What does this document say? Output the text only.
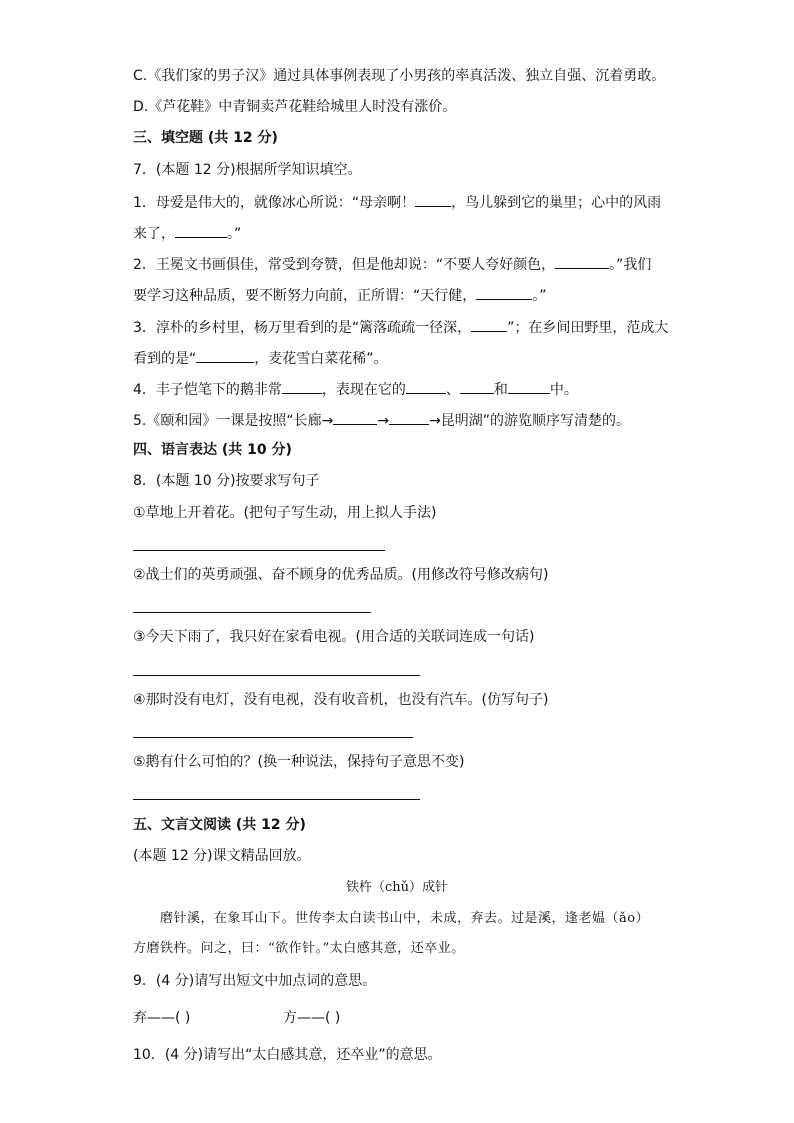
C.《我们家的男子汉》通过具体事例表现了小男孩的率真活泼、独立自强、沉着勇敢。
D.《芦花鞋》中青铜卖芦花鞋给城里人时没有涨价。
三、填空题 (共 12 分)
7．(本题 12 分)根据所学知识填空。
1．母爱是伟大的，就像冰心所说：“母亲啊！	，鸟儿躲到它的巢里；心中的风雨
来了，	。”
2．王冕文书画俱佳，常受到夸赞，但是他却说：“不要人夸好颜色，	。”我们
要学习这种品质，要不断努力向前，正所谓：“天行健，	。”
3．淳朴的乡村里，杨万里看到的是“篱落疏疏一径深，	”；在乡间田野里，范成大
看到的是“	，麦花雪白菜花稀”。
4．丰子恺笔下的鹅非常	，表现在它的	、 和	中。
5.《颐和园》一课是按照“长廊→	→	→昆明湖”的游览顺序写清楚的。
四、语言表达 (共 10 分)
8．(本题 10 分)按要求写句子
①草地上开着花。(把句子写生动，用上拟人手法)
②战士们的英勇顽强、奋不顾身的优秀品质。(用修改符号修改病句)
③今天下雨了，我只好在家看电视。(用合适的关联词连成一句话)
④那时没有电灯，没有电视，没有收音机，也没有汽车。(仿写句子)
⑤鹅有什么可怕的？(换一种说法，保持句子意思不变)
五、文言文阅读 (共 12 分)
(本题 12 分)课文精品回放。
铁杵（chǔ）成针
磨针溪，在象耳山下。世传李太白读书山中，未成，弃去。过是溪，逢老媪（ǎo）
方磨铁杵。问之，曰：“欲作针。”太白感其意，还卒业。
9．(4 分)请写出短文中加点词的意思。
弃——( )	方——( )
10．(4 分)请写出“太白感其意，还卒业”的意思。
